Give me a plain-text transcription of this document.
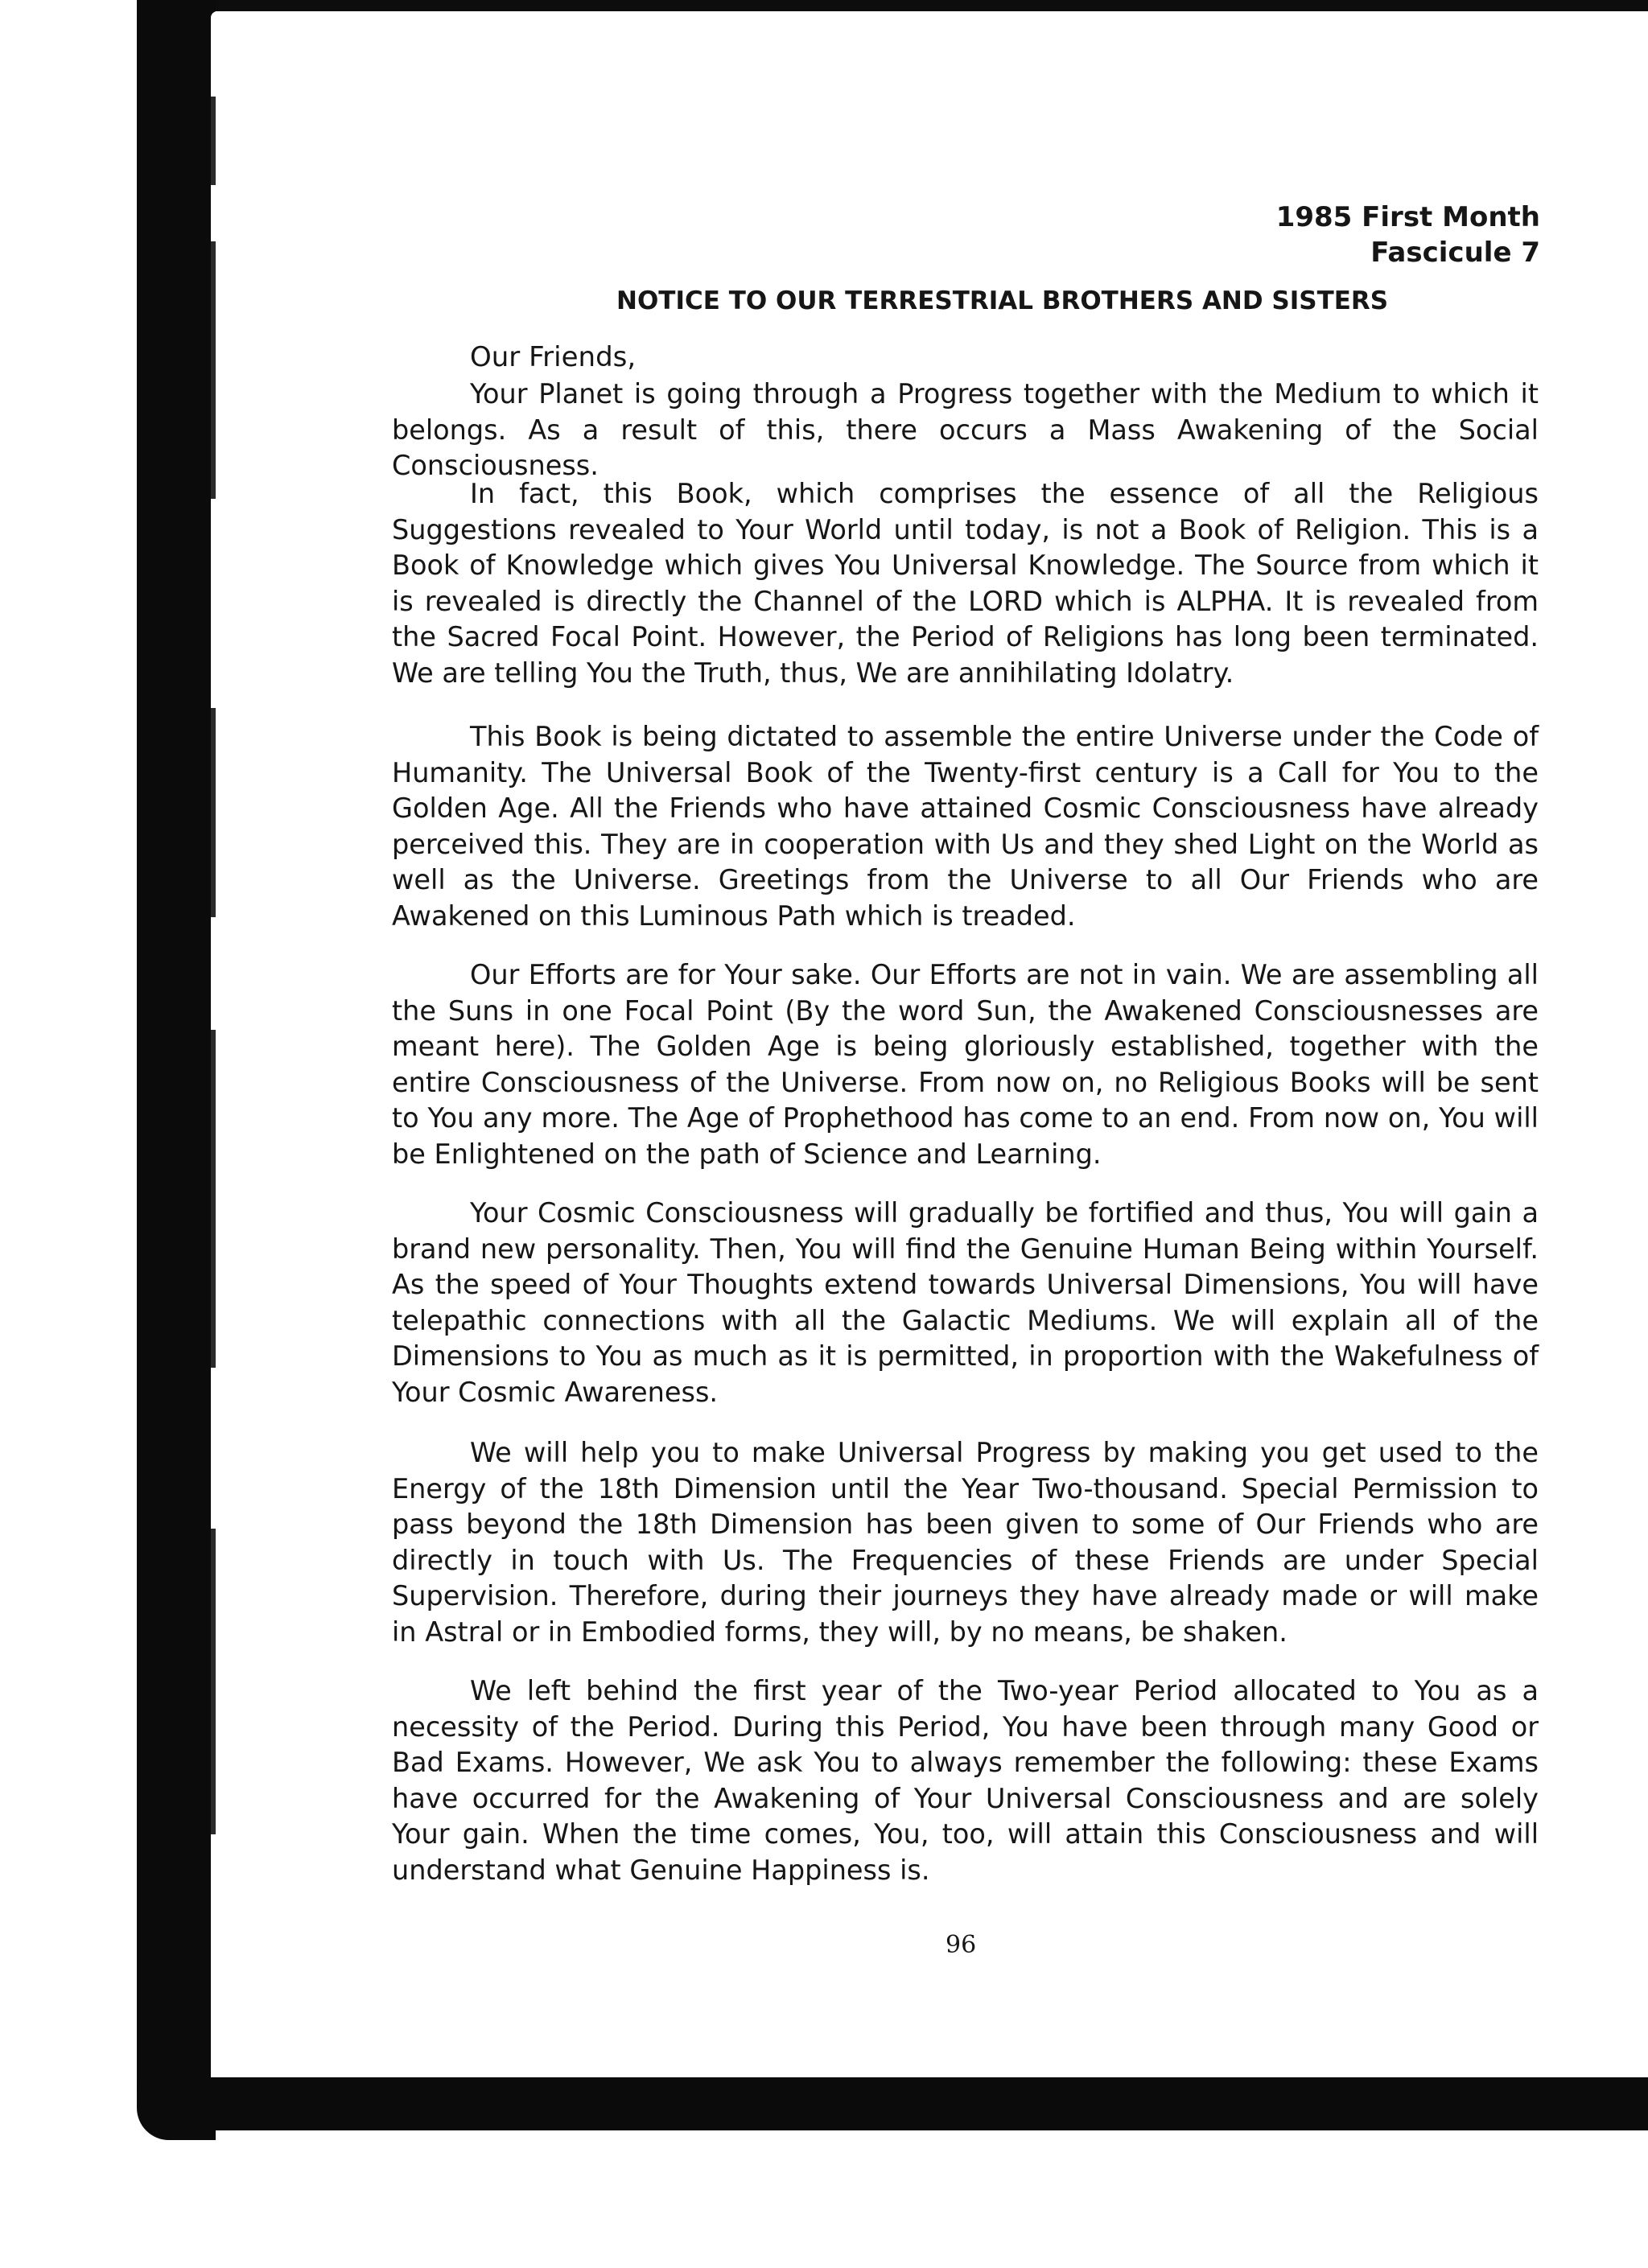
1985 First Month
Fascicule 7
NOTICE TO OUR TERRESTRIAL BROTHERS AND SISTERS
Our Friends,

Your Planet is going through a Progress together with the Medium to which it belongs. As a result of this, there occurs a Mass Awakening of the Social Consciousness.

In fact, this Book, which comprises the essence of all the Religious Suggestions revealed to Your World until today, is not a Book of Religion. This is a Book of Knowledge which gives You Universal Knowledge. The Source from which it is revealed is directly the Channel of the LORD which is ALPHA. It is revealed from the Sacred Focal Point. However, the Period of Religions has long been terminated. We are telling You the Truth, thus, We are annihilating Idolatry.

This Book is being dictated to assemble the entire Universe under the Code of Humanity. The Universal Book of the Twenty-first century is a Call for You to the Golden Age. All the Friends who have attained Cosmic Consciousness have already perceived this. They are in cooperation with Us and they shed Light on the World as well as the Universe. Greetings from the Universe to all Our Friends who are Awakened on this Luminous Path which is treaded.

Our Efforts are for Your sake. Our Efforts are not in vain. We are assembling all the Suns in one Focal Point (By the word Sun, the Awakened Consciousnesses are meant here). The Golden Age is being gloriously established, together with the entire Consciousness of the Universe. From now on, no Religious Books will be sent to You any more. The Age of Prophethood has come to an end. From now on, You will be Enlightened on the path of Science and Learning.

Your Cosmic Consciousness will gradually be fortified and thus, You will gain a brand new personality. Then, You will find the Genuine Human Being within Yourself. As the speed of Your Thoughts extend towards Universal Dimensions, You will have telepathic connections with all the Galactic Mediums. We will explain all of the Dimensions to You as much as it is permitted, in proportion with the Wakefulness of Your Cosmic Awareness.

We will help you to make Universal Progress by making you get used to the Energy of the 18th Dimension until the Year Two-thousand. Special Permission to pass beyond the 18th Dimension has been given to some of Our Friends who are directly in touch with Us. The Frequencies of these Friends are under Special Supervision. Therefore, during their journeys they have already made or will make in Astral or in Embodied forms, they will, by no means, be shaken.

We left behind the first year of the Two-year Period allocated to You as a necessity of the Period. During this Period, You have been through many Good or Bad Exams. However, We ask You to always remember the following: these Exams have occurred for the Awakening of Your Universal Consciousness and are solely Your gain. When the time comes, You, too, will attain this Consciousness and will understand what Genuine Happiness is.

96
